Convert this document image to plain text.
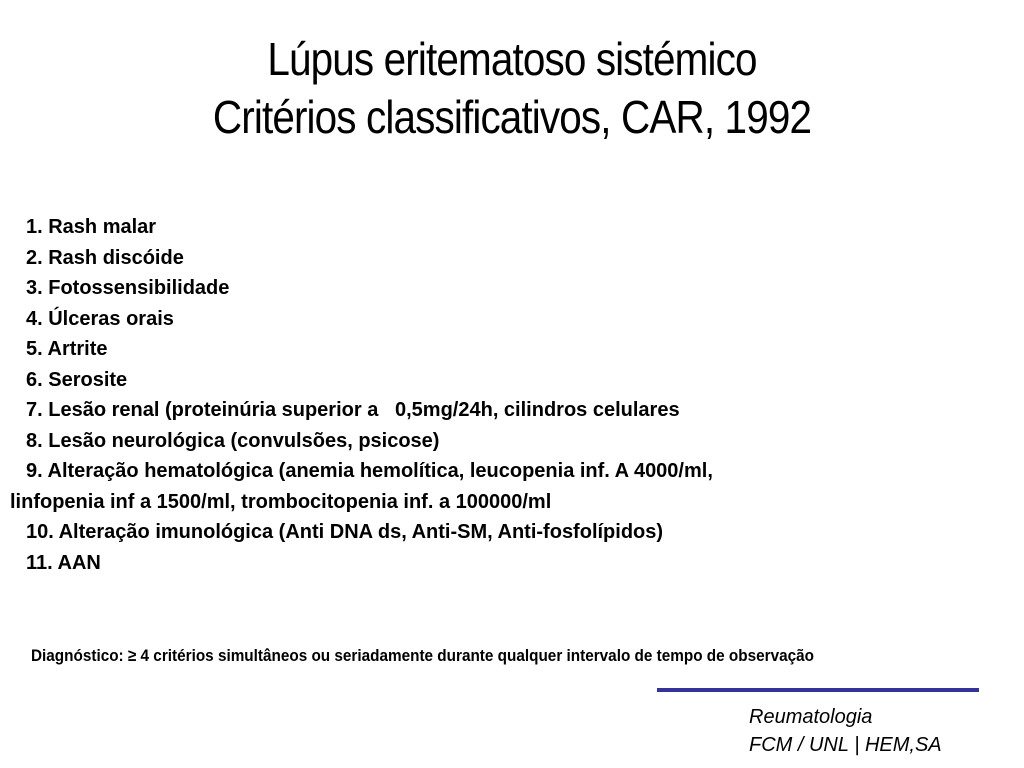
Lúpus eritematoso sistémico
Critérios classificativos, CAR, 1992
1. Rash malar
2. Rash discóide
3. Fotossensibilidade
4. Úlceras orais
5. Artrite
6. Serosite
7. Lesão renal (proteinúria superior a   0,5mg/24h, cilindros celulares
8. Lesão neurológica (convulsões, psicose)
9. Alteração hematológica (anemia hemolítica, leucopenia inf. A 4000/ml,
linfopenia inf a 1500/ml, trombocitopenia inf. a 100000/ml
10. Alteração imunológica (Anti DNA ds, Anti-SM, Anti-fosfolípidos)
11. AAN
Diagnóstico: ≥ 4 critérios simultâneos ou seriadamente durante qualquer intervalo de tempo de observação
Reumatologia
FCM / UNL | HEM,SA
